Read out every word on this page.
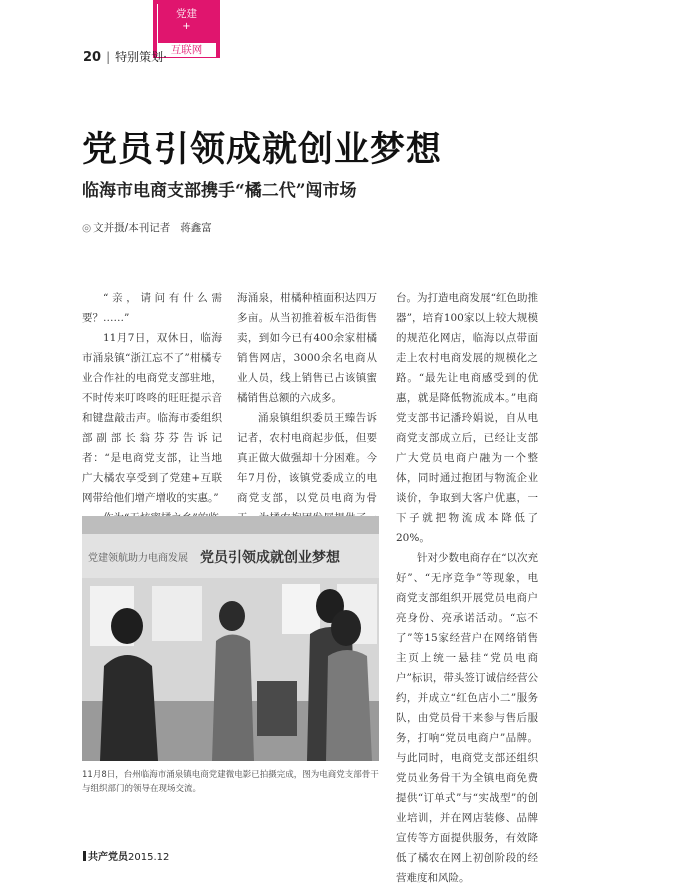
党建
+
互联网
20 | 特别策划·
党员引领成就创业梦想
临海市电商支部携手“橘二代”闯市场
◎ 文并摄/本刊记者 蒋鑫富

“亲，请问有什么需要？……”

11月7日，双休日，临海市涌泉镇“浙江忘不了”柑橘专业合作社的电商党支部驻地，不时传来叮咚咚的旺旺提示音和键盘敲击声。临海市委组织部副部长翁芬芬告诉记者：“是电商党支部，让当地广大橘农享受到了党建+互联网带给他们增产增收的实惠。”

海涌泉，柑橘种植面积达四万多亩。从当初推着板车沿街售卖，到如今已有400余家柑橘销售网店，3000余名电商从业人员，线上销售已占该镇蜜橘销售总额的六成多。

涌泉镇组织委员王臻告诉记者，农村电商起步低，但要真正做大做强却十分困难。今年7月份，该镇党委成立的电商党支部，以党员电商为骨

台。为打造电商发展“红色助推器”，培育100家以上较大规模的规范化网店，临海以点带面走上农村电商发展的规模化之路。“最先让电商感受到的优惠，就是降低物流成本。”电商党支部书记潘玲娟说，自从电商党支部成立后，已经让支部广大党员电商户融为一个整体，同时通过抱团与物流企业谈价，争取到大客户优惠，一下子就把物流成本降低了20%。

针对少数电商存在“以次充好”、“无序竞争”等现象，电商党支部组织开展党员电商户亮身份、亮承诺活动。“忘不了”等15家经营户在网络销售主页上统一悬挂“党员电商户”标识，带头签订诚信经营公约，并成立“红色店小二”服务队，由党员骨干来参与售后服务，打响“党员电商户”品牌。与此同时，电商党支部还组织党员业务骨干为全镇电商免费提供“订单式”与“实战型”的创业培训，并在网店装修、品牌宣传等方面提供服务，有效降低了橘农在网上初创阶段的经营难度和风险。

党建领航助力电商发展 党员引领成就创业梦想
11月8日，台州临海市涌泉镇电商党建微电影已拍摄完成，图为电商党支部骨干与组织部门的领导在现场交流。
共产党员2015.12
